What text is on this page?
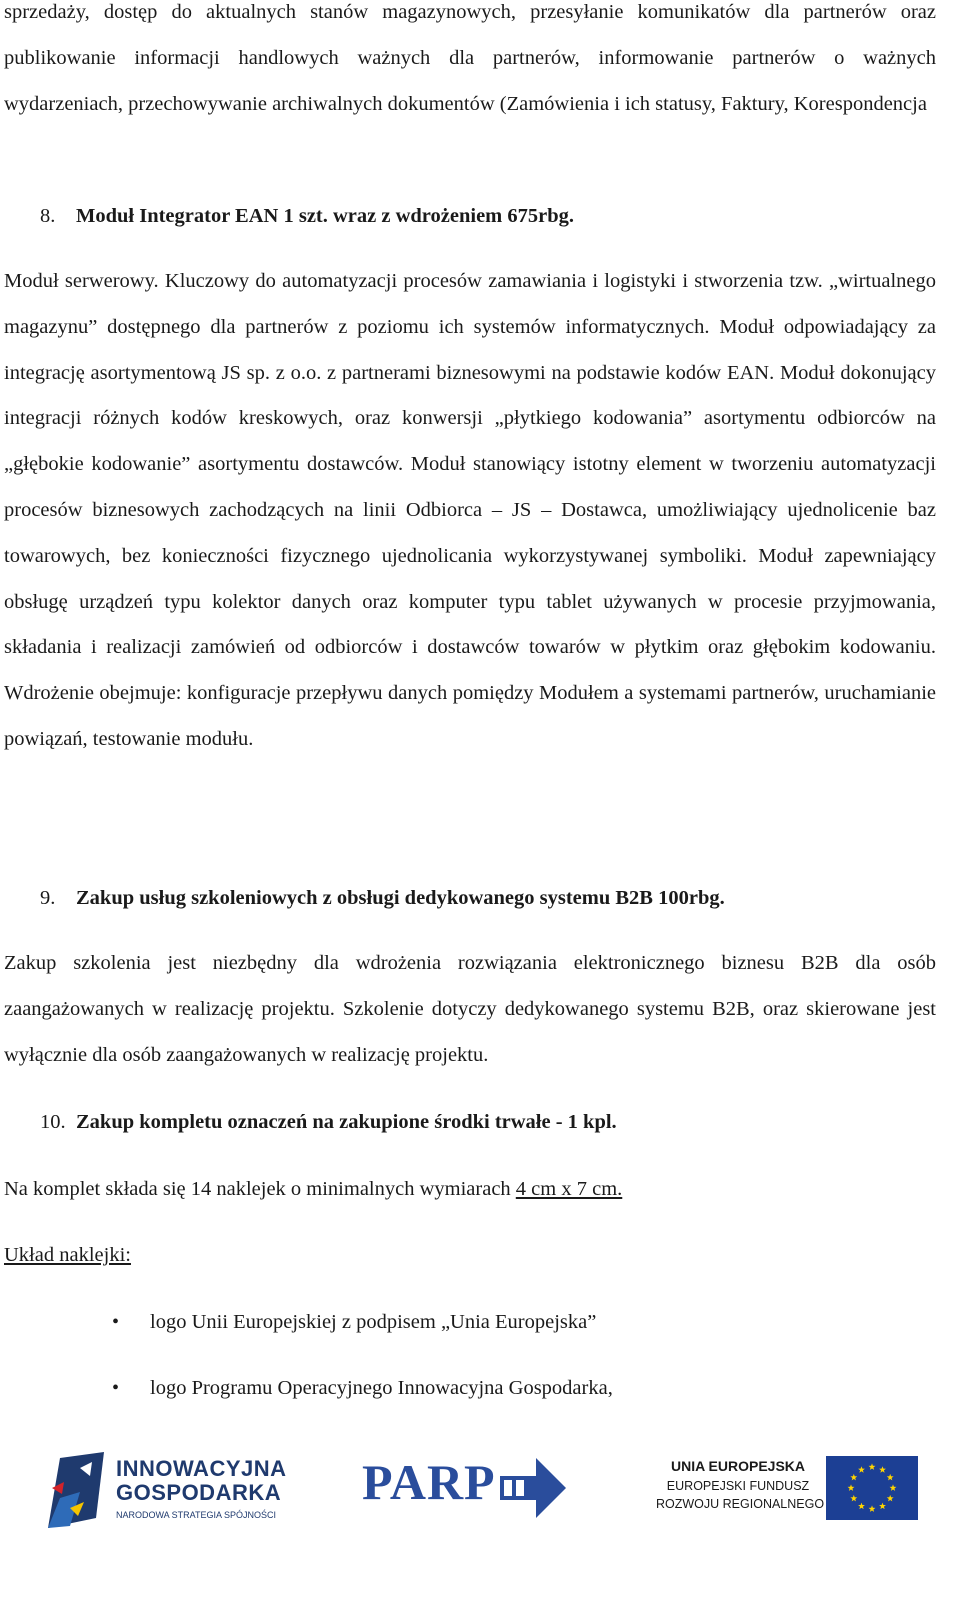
sprzedaży, dostęp do aktualnych stanów magazynowych, przesyłanie komunikatów dla partnerów oraz publikowanie informacji handlowych ważnych dla partnerów, informowanie partnerów o ważnych wydarzeniach, przechowywanie archiwalnych dokumentów (Zamówienia i ich statusy, Faktury, Korespondencja

8. Moduł Integrator EAN 1 szt. wraz z wdrożeniem 675rbg.

Moduł serwerowy. Kluczowy do automatyzacji procesów zamawiania i logistyki i stworzenia tzw. „wirtualnego magazynu” dostępnego dla partnerów z poziomu ich systemów informatycznych. Moduł odpowiadający za integrację asortymentową JS sp. z o.o. z partnerami biznesowymi na podstawie kodów EAN. Moduł dokonujący integracji różnych kodów kreskowych, oraz konwersji „płytkiego kodowania” asortymentu odbiorców na „głębokie kodowanie” asortymentu dostawców. Moduł stanowiący istotny element w tworzeniu automatyzacji procesów biznesowych zachodzących na linii Odbiorca – JS – Dostawca, umożliwiający ujednolicenie baz towarowych, bez konieczności fizycznego ujednolicania wykorzystywanej symboliki. Moduł zapewniający obsługę urządzeń typu kolektor danych oraz komputer typu tablet używanych w procesie przyjmowania, składania i realizacji zamówień od odbiorców i dostawców towarów w płytkim oraz głębokim kodowaniu. Wdrożenie obejmuje: konfiguracje przepływu danych pomiędzy Modułem a systemami partnerów, uruchamianie powiązań, testowanie modułu.

9. Zakup usług szkoleniowych z obsługi dedykowanego systemu B2B 100rbg.

Zakup szkolenia jest niezbędny dla wdrożenia rozwiązania elektronicznego biznesu B2B dla osób zaangażowanych w realizację projektu. Szkolenie dotyczy dedykowanego systemu B2B, oraz skierowane jest wyłącznie dla osób zaangażowanych w realizację projektu.

10. Zakup kompletu oznaczeń na zakupione środki trwałe - 1 kpl.

Na komplet składa się 14 naklejek o minimalnych wymiarach 4 cm x 7 cm.

Układ naklejki:

• logo Unii Europejskiej z podpisem „Unia Europejska”

• logo Programu Operacyjnego Innowacyjna Gospodarka,

INNOWACYJNA
GOSPODARKA
NARODOWA STRATEGIA SPÓJNOŚCI
PARP	UNIA EUROPEJSKA
EUROPEJSKI FUNDUSZ
ROZWOJU REGIONALNEGO
